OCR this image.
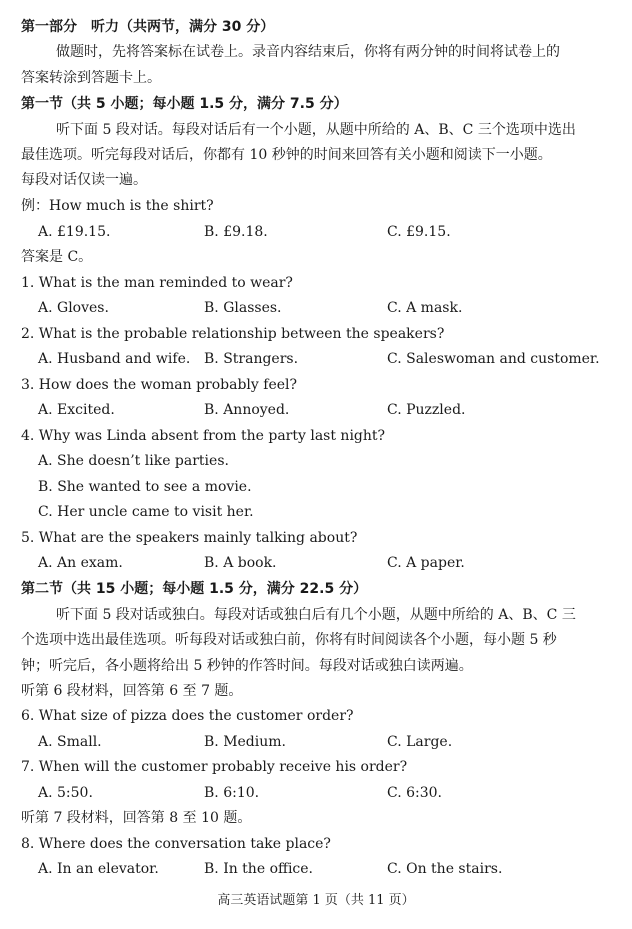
第一部分　听力（共两节，满分 30 分）
做题时，先将答案标在试卷上。录音内容结束后，你将有两分钟的时间将试卷上的
答案转涂到答题卡上。
第一节（共 5 小题；每小题 1.5 分，满分 7.5 分）
听下面 5 段对话。每段对话后有一个小题，从题中所给的 A、B、C 三个选项中选出
最佳选项。听完每段对话后，你都有 10 秒钟的时间来回答有关小题和阅读下一小题。
每段对话仅读一遍。
例：How much is the shirt?
A. £19.15.	B. £9.18.	C. £9.15.
答案是 C。
1. What is the man reminded to wear?
A. Gloves.	B. Glasses.	C. A mask.
2. What is the probable relationship between the speakers?
A. Husband and wife. B. Strangers.	C. Saleswoman and customer.
3. How does the woman probably feel?
A. Excited.	B. Annoyed.	C. Puzzled.
4. Why was Linda absent from the party last night?
A. She doesn’t like parties.
B. She wanted to see a movie.
C. Her uncle came to visit her.
5. What are the speakers mainly talking about?
A. An exam.	B. A book.	C. A paper.
第二节（共 15 小题；每小题 1.5 分，满分 22.5 分）
听下面 5 段对话或独白。每段对话或独白后有几个小题，从题中所给的 A、B、C 三
个选项中选出最佳选项。听每段对话或独白前，你将有时间阅读各个小题，每小题 5 秒
钟；听完后，各小题将给出 5 秒钟的作答时间。每段对话或独白读两遍。
听第 6 段材料，回答第 6 至 7 题。
6. What size of pizza does the customer order?
A. Small.	B. Medium.	C. Large.
7. When will the customer probably receive his order?
A. 5:50.	B. 6:10.	C. 6:30.
听第 7 段材料，回答第 8 至 10 题。
8. Where does the conversation take place?
A. In an elevator.	B. In the office.	C. On the stairs.
高三英语试题第 1 页（共 11 页）
